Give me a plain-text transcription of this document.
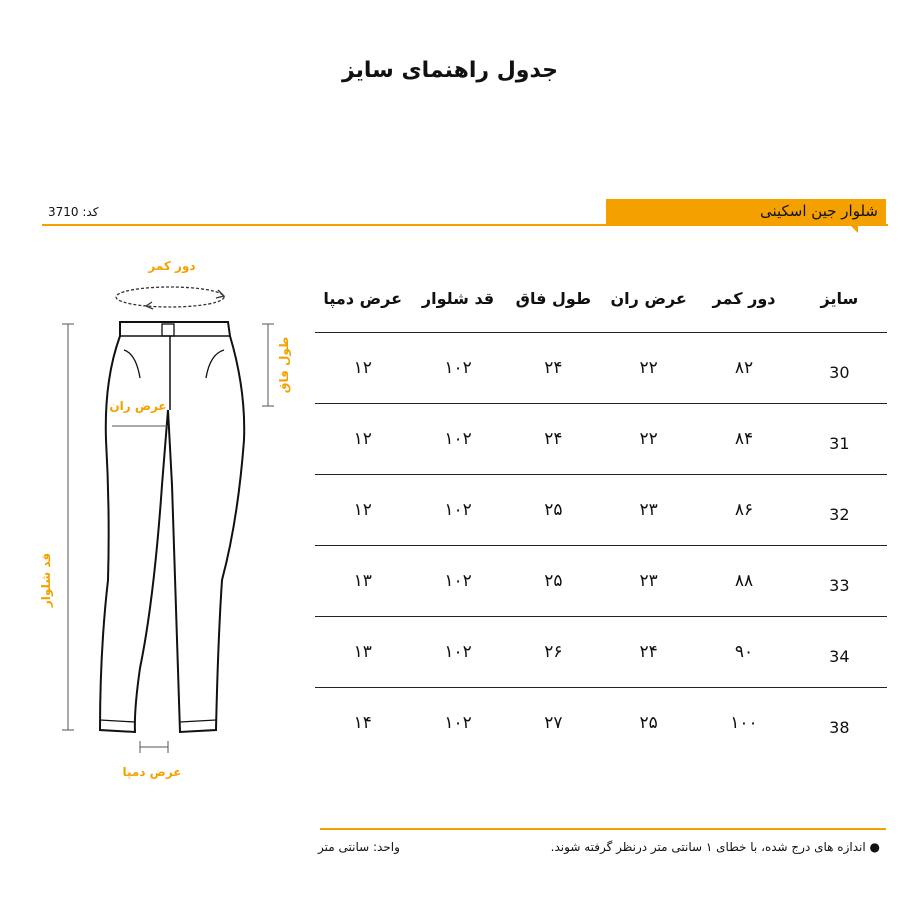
جدول راهنمای سایز
شلوار جین اسکینی
کد: 3710
دور کمر
طول فاق
عرض ران
قد شلوار
عرض دمپا
سایز
دور کمر
عرض ران
طول فاق
قد شلوار
عرض دمپا
30
۸۲
۲۲
۲۴
۱۰۲
۱۲
31
۸۴
۲۲
۲۴
۱۰۲
۱۲
32
۸۶
۲۳
۲۵
۱۰۲
۱۲
33
۸۸
۲۳
۲۵
۱۰۲
۱۳
34
۹۰
۲۴
۲۶
۱۰۲
۱۳
38
۱۰۰
۲۵
۲۷
۱۰۲
۱۴
● اندازه های درج شده، با خطای ۱ سانتی متر درنظر گرفته شوند.
واحد: سانتی متر
